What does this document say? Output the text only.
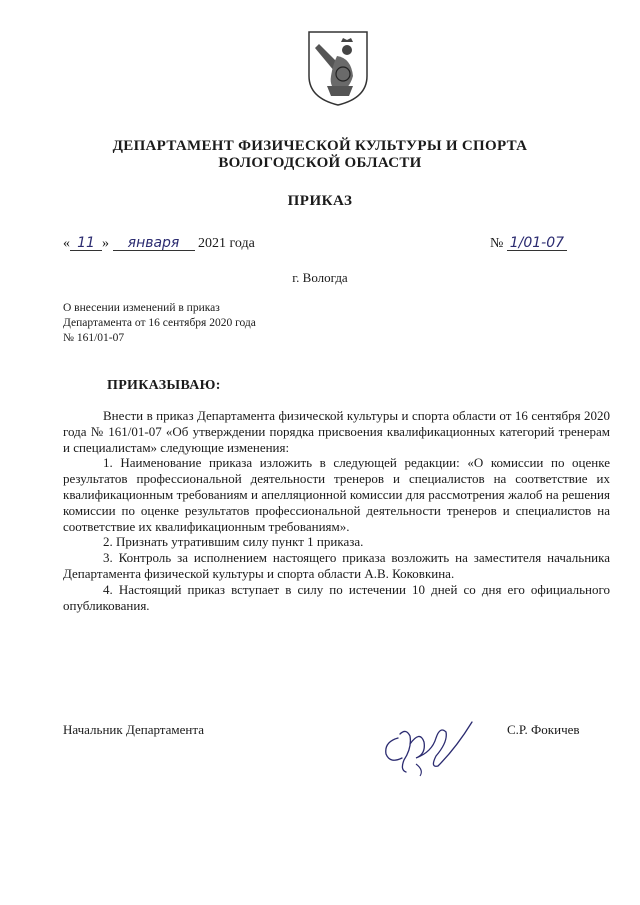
ДЕПАРТАМЕНТ ФИЗИЧЕСКОЙ КУЛЬТУРЫ И СПОРТА
ВОЛОГОДСКОЙ ОБЛАСТИ
ПРИКАЗ
« 11 » января 2021 года	№ 1/01-07
г. Вологда
О внесении изменений в приказ
Департамента от 16 сентября 2020 года
№ 161/01-07
ПРИКАЗЫВАЮ:

Внести в приказ Департамента физической культуры и спорта области от 16 сентября 2020 года № 161/01-07 «Об утверждении порядка присвоения квалификационных категорий тренерам и специалистам» следующие изменения:

1. Наименование приказа изложить в следующей редакции: «О комиссии по оценке результатов профессиональной деятельности тренеров и специалистов на соответствие их квалификационным требованиям и апелляционной комиссии для рассмотрения жалоб на решения комиссии по оценке результатов профессиональной деятельности тренеров и специалистов на соответствие их квалификационным требованиям».

2. Признать утратившим силу пункт 1 приказа.

3. Контроль за исполнением настоящего приказа возложить на заместителя начальника Департамента физической культуры и спорта области А.В. Коковкина.

4. Настоящий приказ вступает в силу по истечении 10 дней со дня его официального опубликования.

Начальник Департамента	С.Р. Фокичев
